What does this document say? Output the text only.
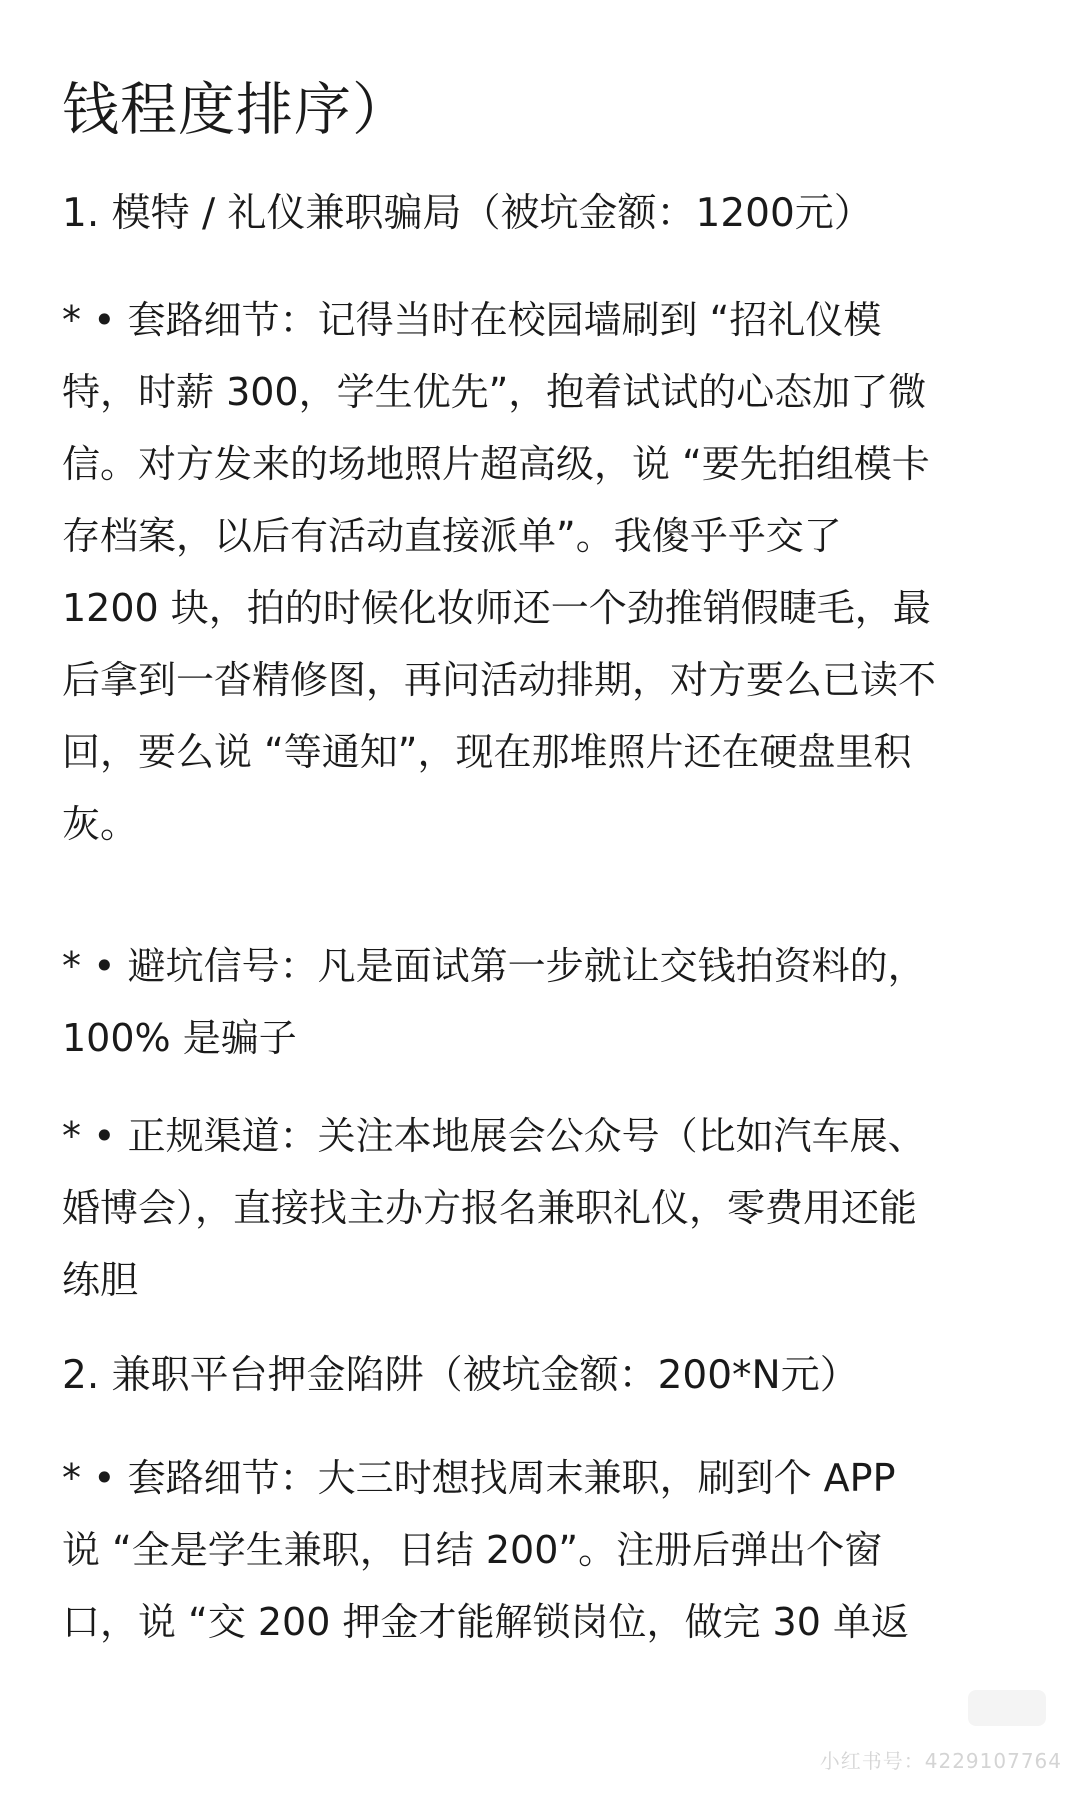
钱程度排序）
1. 模特 / 礼仪兼职骗局（被坑金额：1200元）
* • 套路细节：记得当时在校园墙刷到 “招礼仪模
特，时薪 300，学生优先”，抱着试试的心态加了微
信。对方发来的场地照片超高级，说 “要先拍组模卡
存档案，以后有活动直接派单”。我傻乎乎交了
1200 块，拍的时候化妆师还一个劲推销假睫毛，最
后拿到一沓精修图，再问活动排期，对方要么已读不
回，要么说 “等通知”，现在那堆照片还在硬盘里积
灰。
* • 避坑信号：凡是面试第一步就让交钱拍资料的，
100% 是骗子
* • 正规渠道：关注本地展会公众号（比如汽车展、
婚博会），直接找主办方报名兼职礼仪，零费用还能
练胆
2. 兼职平台押金陷阱（被坑金额：200*N元）
* • 套路细节：大三时想找周末兼职，刷到个 APP
说 “全是学生兼职，日结 200”。注册后弹出个窗
口，说 “交 200 押金才能解锁岗位，做完 30 单返
小红书号：4229107764
